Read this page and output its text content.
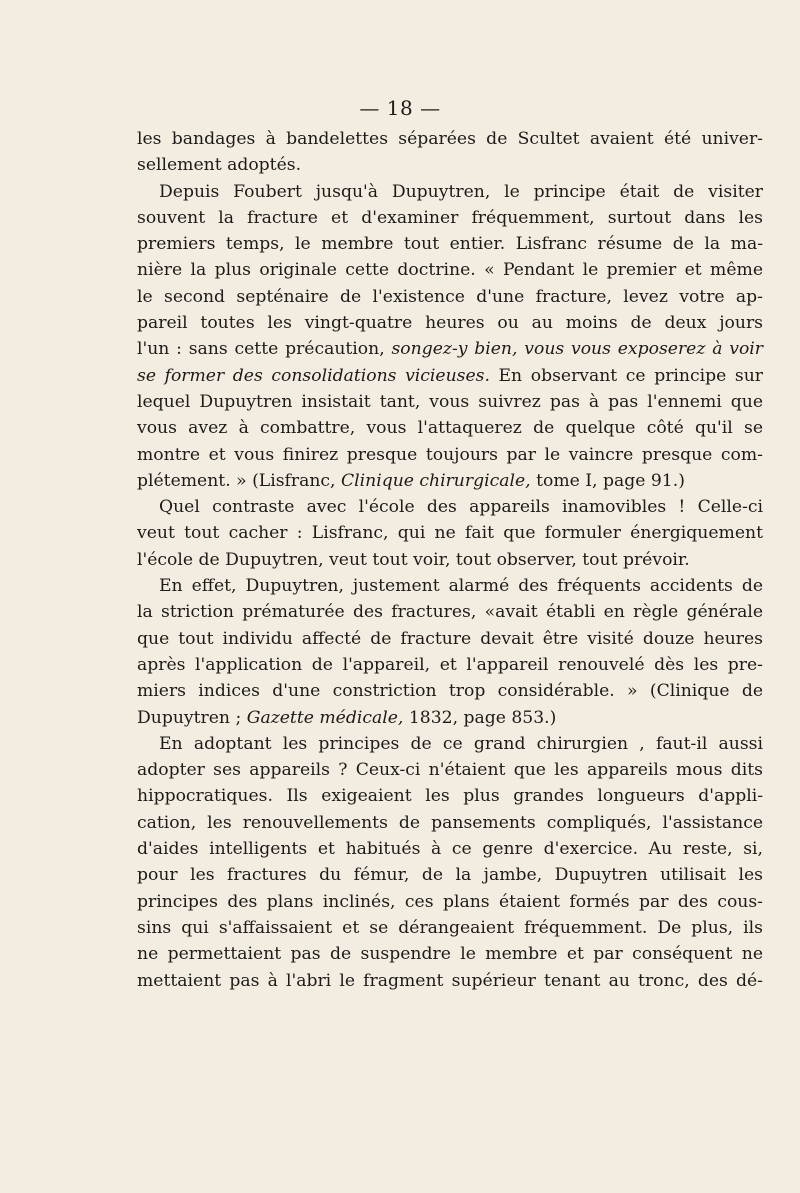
— 18 —
les bandages à bandelettes séparées de Scultet avaient été univer-
sellement adoptés.
Depuis Foubert jusqu'à Dupuytren, le principe était de visiter
souvent la fracture et d'examiner fréquemment, surtout dans les
premiers temps, le membre tout entier. Lisfranc résume de la ma-
nière la plus originale cette doctrine. « Pendant le premier et même
le second septénaire de l'existence d'une fracture, levez votre ap-
pareil toutes les vingt-quatre heures ou au moins de deux jours
l'un : sans cette précaution, songez-y bien, vous vous exposerez à voir
se former des consolidations vicieuses. En observant ce principe sur
lequel Dupuytren insistait tant, vous suivrez pas à pas l'ennemi que
vous avez à combattre, vous l'attaquerez de quelque côté qu'il se
montre et vous finirez presque toujours par le vaincre presque com-
plétement. » (Lisfranc, Clinique chirurgicale, tome I, page 91.)
Quel contraste avec l'école des appareils inamovibles ! Celle-ci
veut tout cacher : Lisfranc, qui ne fait que formuler énergiquement
l'école de Dupuytren, veut tout voir, tout observer, tout prévoir.
En effet, Dupuytren, justement alarmé des fréquents accidents de
la striction prématurée des fractures, «avait établi en règle générale
que tout individu affecté de fracture devait être visité douze heures
après l'application de l'appareil, et l'appareil renouvelé dès les pre-
miers indices d'une constriction trop considérable. » (Clinique de
Dupuytren ; Gazette médicale, 1832, page 853.)
En adoptant les principes de ce grand chirurgien , faut-il aussi
adopter ses appareils ? Ceux-ci n'étaient que les appareils mous dits
hippocratiques. Ils exigeaient les plus grandes longueurs d'appli-
cation, les renouvellements de pansements compliqués, l'assistance
d'aides intelligents et habitués à ce genre d'exercice. Au reste, si,
pour les fractures du fémur, de la jambe, Dupuytren utilisait les
principes des plans inclinés, ces plans étaient formés par des cous-
sins qui s'affaissaient et se dérangeaient fréquemment. De plus, ils
ne permettaient pas de suspendre le membre et par conséquent ne
mettaient pas à l'abri le fragment supérieur tenant au tronc, des dé-
